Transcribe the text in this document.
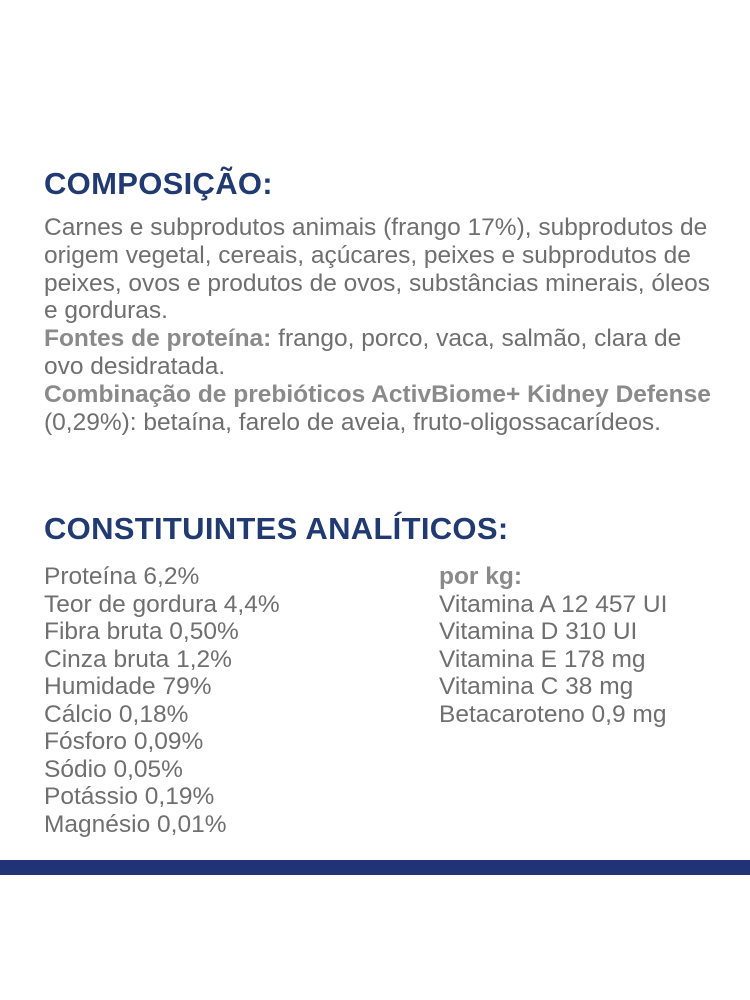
COMPOSIÇÃO:

Carnes e subprodutos animais (frango 17%), subprodutos de origem vegetal, cereais, açúcares, peixes e subprodutos de peixes, ovos e produtos de ovos, substâncias minerais, óleos e gorduras.

Fontes de proteína: frango, porco, vaca, salmão, clara de ovo desidratada.

Combinação de prebióticos ActivBiome+ Kidney Defense (0,29%): betaína, farelo de aveia, fruto-oligossacarídeos.

CONSTITUINTES ANALÍTICOS:
Proteína 6,2%
Teor de gordura 4,4%
Fibra bruta 0,50%
Cinza bruta 1,2%
Humidade 79%
Cálcio 0,18%
Fósforo 0,09%
Sódio 0,05%
Potássio 0,19%
Magnésio 0,01%
por kg:
Vitamina A 12 457 UI
Vitamina D 310 UI
Vitamina E 178 mg
Vitamina C 38 mg
Betacaroteno 0,9 mg
